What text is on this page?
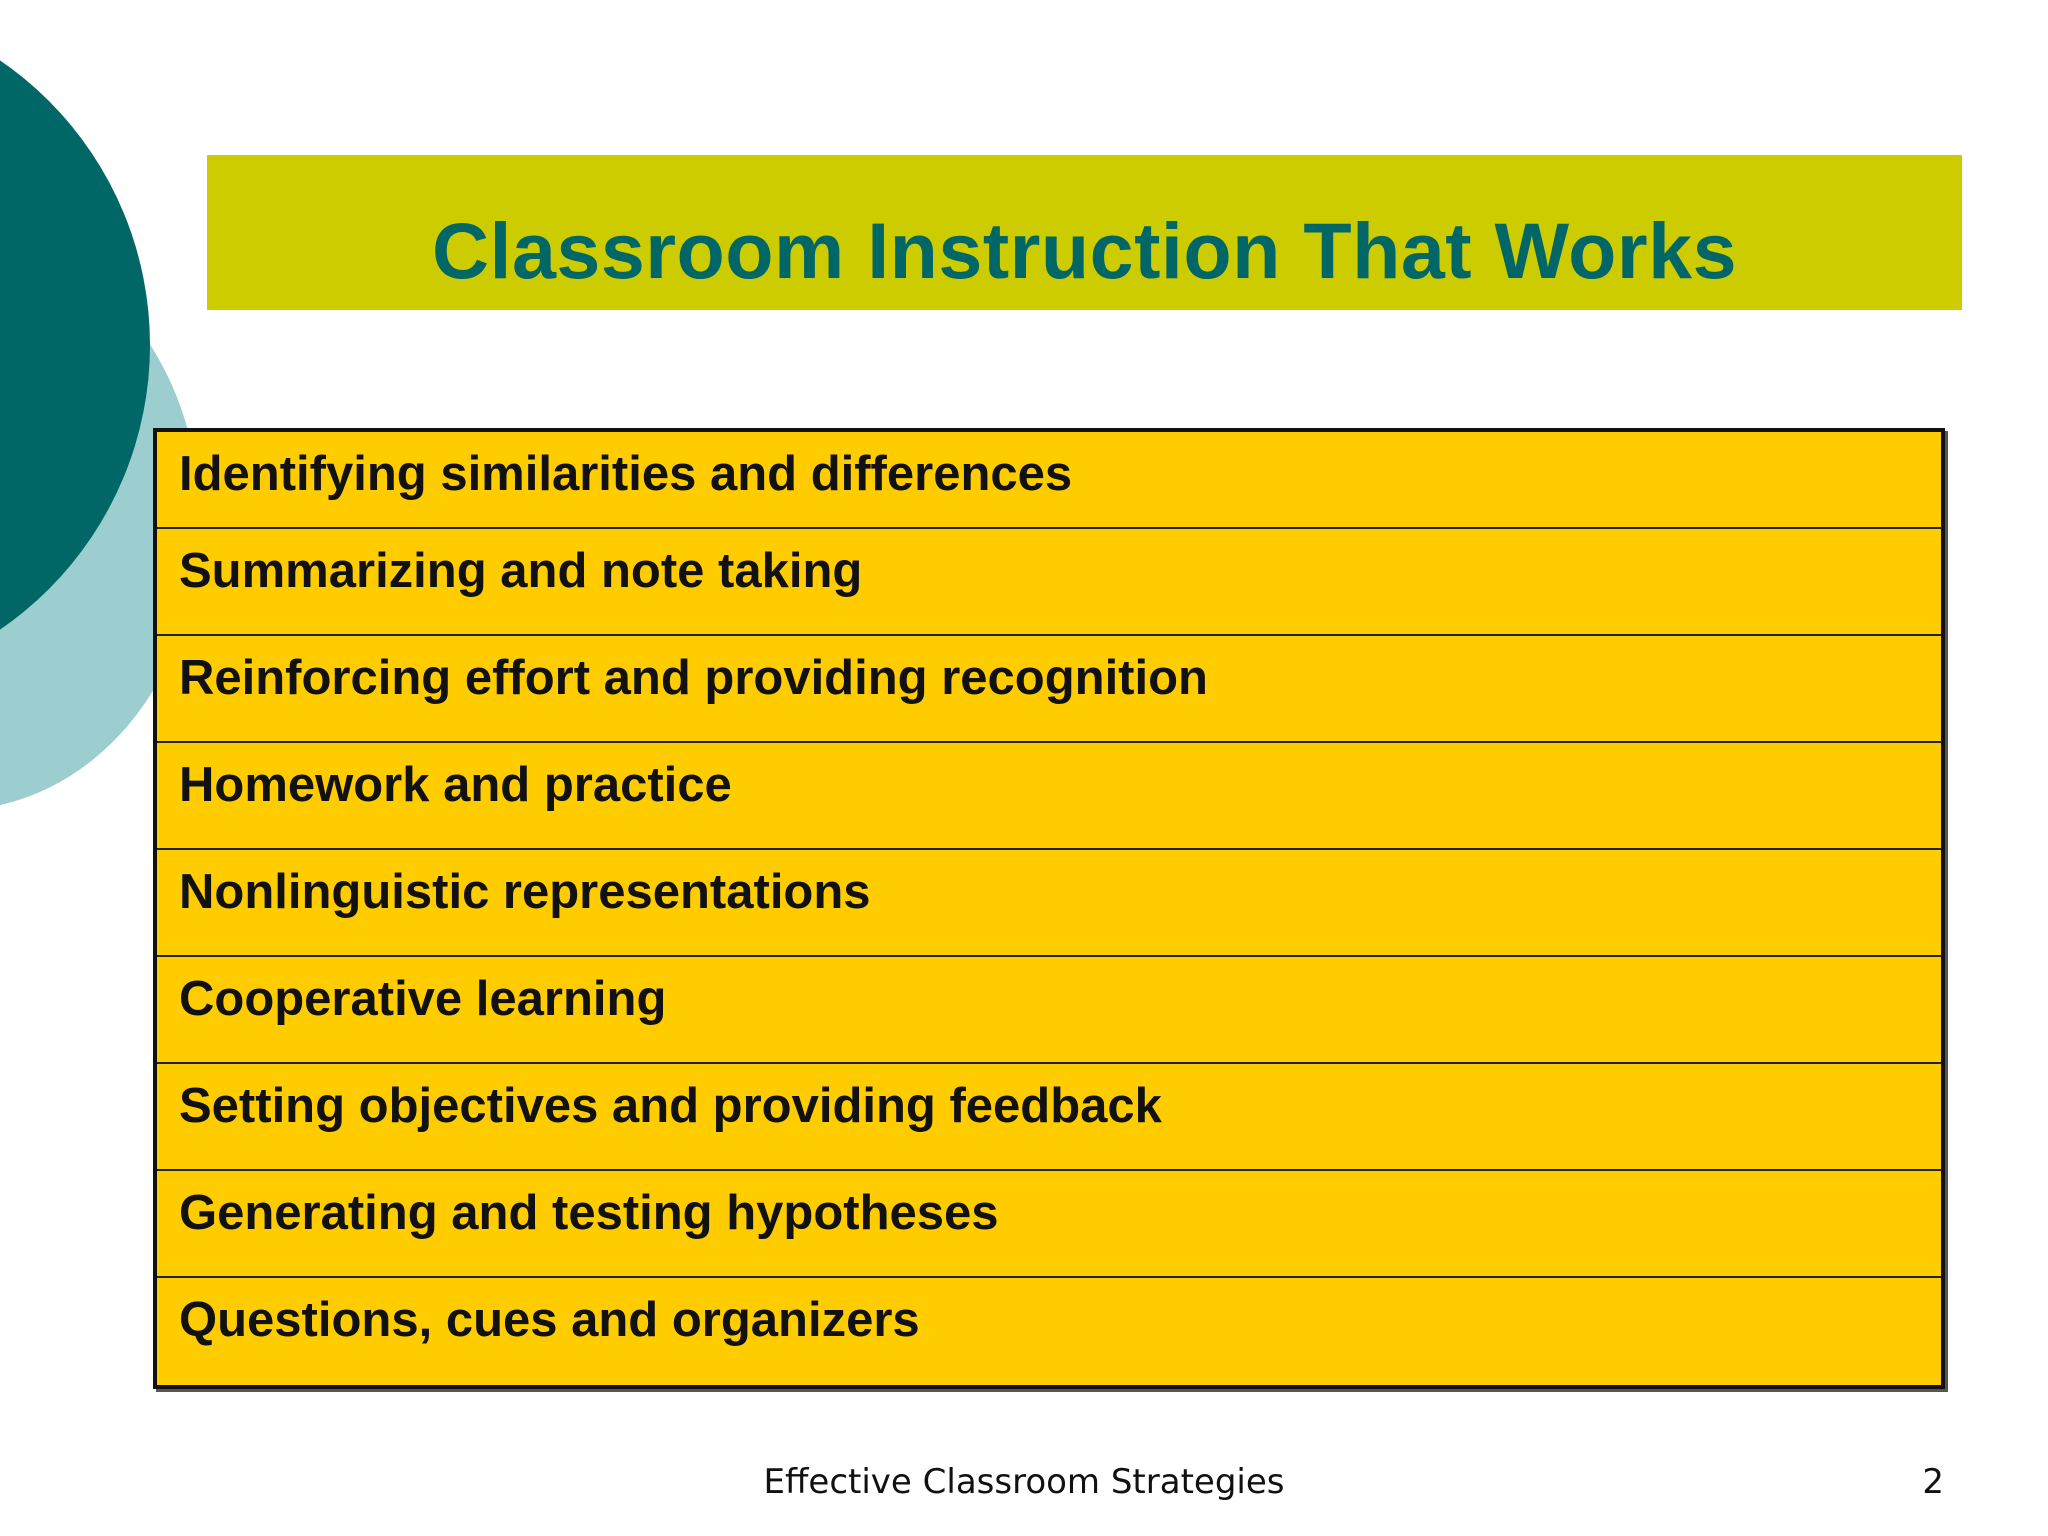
Classroom Instruction That Works
Identifying similarities and differences
Summarizing and note taking
Reinforcing effort and providing recognition
Homework and practice
Nonlinguistic representations
Cooperative learning
Setting objectives and providing feedback
Generating and testing hypotheses
Questions, cues and organizers
Effective Classroom Strategies	2
